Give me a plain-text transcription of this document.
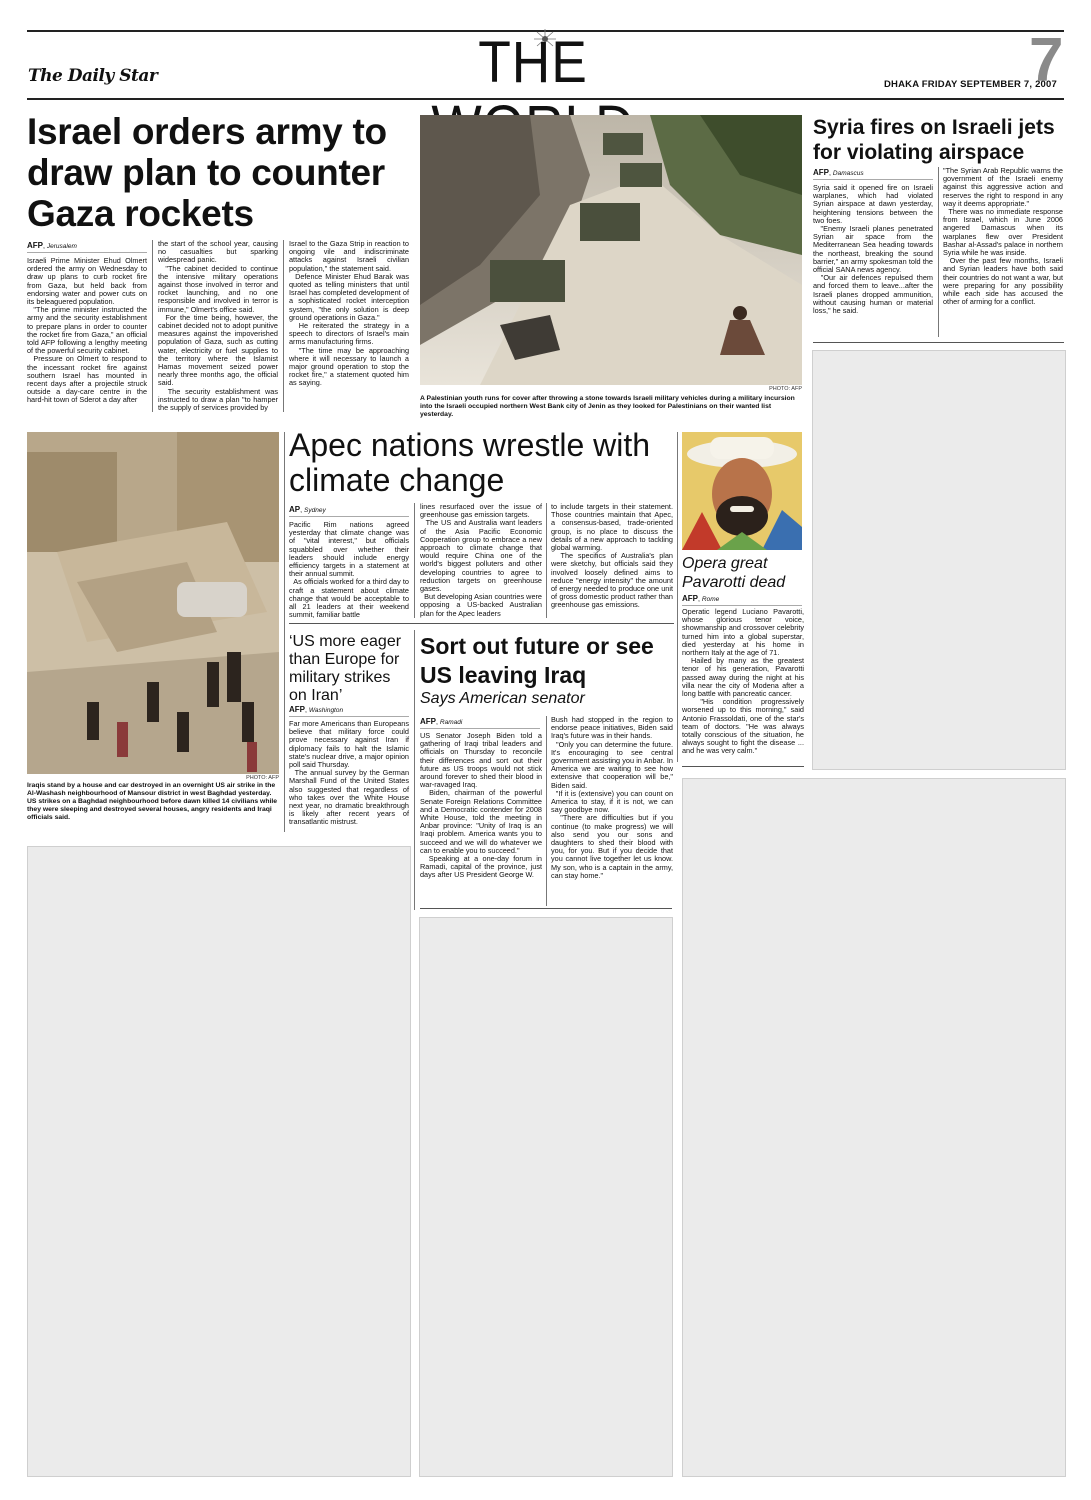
The Daily Star	THE	DHAKA FRIDAY SEPTEMBER 7, 2007
7
Israel orders army to draw plan to counter Gaza rockets
AFP, Jerusalem
Israeli Prime Minister Ehud Olmert ordered the army on Wednesday to draw up plans to curb rocket fire from Gaza, but held back from endorsing water and power cuts on its beleaguered population.
"The prime minister instructed the army and the security establishment to prepare plans in order to counter the rocket fire from Gaza," an official told AFP following a lengthy meeting of the powerful security cabinet.
Pressure on Olmert to respond to the incessant rocket fire against southern Israel has mounted in recent days after a projectile struck outside a day-care centre in the hard-hit town of Sderot a day after
the start of the school year, causing no casualties but sparking widespread panic.
"The cabinet decided to continue the intensive military operations against those involved in terror and rocket launching, and no one responsible and involved in terror is immune," Olmert's office said.
For the time being, however, the cabinet decided not to adopt punitive measures against the impoverished population of Gaza, such as cutting water, electricity or fuel supplies to the territory where the Islamist Hamas movement seized power nearly three months ago, the official said.
The security establishment was instructed to draw a plan "to hamper the supply of services provided by
Israel to the Gaza Strip in reaction to ongoing vile and indiscriminate attacks against Israeli civilian population," the statement said.
Defence Minister Ehud Barak was quoted as telling ministers that until Israel has completed development of a sophisticated rocket interception system, "the only solution is deep ground operations in Gaza."
He reiterated the strategy in a speech to directors of Israel's main arms manufacturing firms.
"The time may be approaching where it will necessary to launch a major ground operation to stop the rocket fire," a statement quoted him as saying.
PHOTO: AFP
A Palestinian youth runs for cover after throwing a stone towards Israeli military vehicles during a military incursion into the Israeli occupied northern West Bank city of Jenin as they looked for Palestinians on their wanted list yesterday.
Syria fires on Israeli jets for violating airspace
AFP, Damascus
Syria said it opened fire on Israeli warplanes, which had violated Syrian airspace at dawn yesterday, heightening tensions between the two foes.
"Enemy Israeli planes penetrated Syrian air space from the Mediterranean Sea heading towards the northeast, breaking the sound barrier," an army spokesman told the official SANA news agency.
"Our air defences repulsed them and forced them to leave...after the Israeli planes dropped ammunition, without causing human or material loss," he said.
"The Syrian Arab Republic warns the government of the Israeli enemy against this aggressive action and reserves the right to respond in any way it deems appropriate."
There was no immediate response from Israel, which in June 2006 angered Damascus when its warplanes flew over President Bashar al-Assad's palace in northern Syria while he was inside.
Over the past few months, Israeli and Syrian leaders have both said their countries do not want a war, but were preparing for any possibility while each side has accused the other of arming for a conflict.
PHOTO: AFP
Iraqis stand by a house and car destroyed in an overnight US air strike in the Al-Washash neighbourhood of Mansour district in west Baghdad yesterday. US strikes on a Baghdad neighbourhood before dawn killed 14 civilians while they were sleeping and destroyed several houses, angry residents and Iraqi officials said.
Apec nations wrestle with climate change
AP, Sydney
Pacific Rim nations agreed yesterday that climate change was of "vital interest," but officials squabbled over whether their leaders should include energy efficiency targets in a statement at their annual summit.
As officials worked for a third day to craft a statement about climate change that would be acceptable to all 21 leaders at their weekend summit, familiar battle
lines resurfaced over the issue of greenhouse gas emission targets.
The US and Australia want leaders of the Asia Pacific Economic Cooperation group to embrace a new approach to climate change that would require China one of the world's biggest polluters and other developing countries to agree to reduction targets on greenhouse gases.
But developing Asian countries were opposing a US-backed Australian plan for the Apec leaders
to include targets in their statement. Those countries maintain that Apec, a consensus-based, trade-oriented group, is no place to discuss the details of a new approach to tackling global warming.
The specifics of Australia's plan were sketchy, but officials said they involved loosely defined aims to reduce "energy intensity" the amount of energy needed to produce one unit of gross domestic product rather than greenhouse gas emissions.
Opera great Pavarotti dead
AFP, Rome
Operatic legend Luciano Pavarotti, whose glorious tenor voice, showmanship and crossover celebrity turned him into a global superstar, died yesterday at his home in northern Italy at the age of 71.
Hailed by many as the greatest tenor of his generation, Pavarotti passed away during the night at his villa near the city of Modena after a long battle with pancreatic cancer.
"His condition progressively worsened up to this morning," said Antonio Frassoldati, one of the star's team of doctors. "He was always totally conscious of the situation, he always sought to fight the disease ... and he was very calm."
‘US more eager than Europe for military strikes on Iran’
AFP, Washington
Far more Americans than Europeans believe that military force could prove necessary against Iran if diplomacy fails to halt the Islamic state's nuclear drive, a major opinion poll said Thursday.
The annual survey by the German Marshall Fund of the United States also suggested that regardless of who takes over the White House next year, no dramatic breakthrough is likely after recent years of transatlantic mistrust.
Sort out future or see US leaving Iraq
Says American senator
AFP, Ramadi
US Senator Joseph Biden told a gathering of Iraqi tribal leaders and officials on Thursday to reconcile their differences and sort out their future as US troops would not stick around forever to shed their blood in war-ravaged Iraq.
Biden, chairman of the powerful Senate Foreign Relations Committee and a Democratic contender for 2008 White House, told the meeting in Anbar province: "Unity of Iraq is an Iraqi problem. America wants you to succeed and we will do whatever we can to enable you to succeed."
Speaking at a one-day forum in Ramadi, capital of the province, just days after US President George W.
Bush had stopped in the region to endorse peace initiatives, Biden said Iraq's future was in their hands.
"Only you can determine the future. It's encouraging to see central government assisting you in Anbar. In America we are waiting to see how extensive that cooperation will be," Biden said.
"If it is (extensive) you can count on America to stay, if it is not, we can say goodbye now.
"There are difficulties but if you continue (to make progress) we will also send you our sons and daughters to shed their blood with you, for you. But if you decide that you cannot live together let us know. My son, who is a captain in the army, can stay home."
